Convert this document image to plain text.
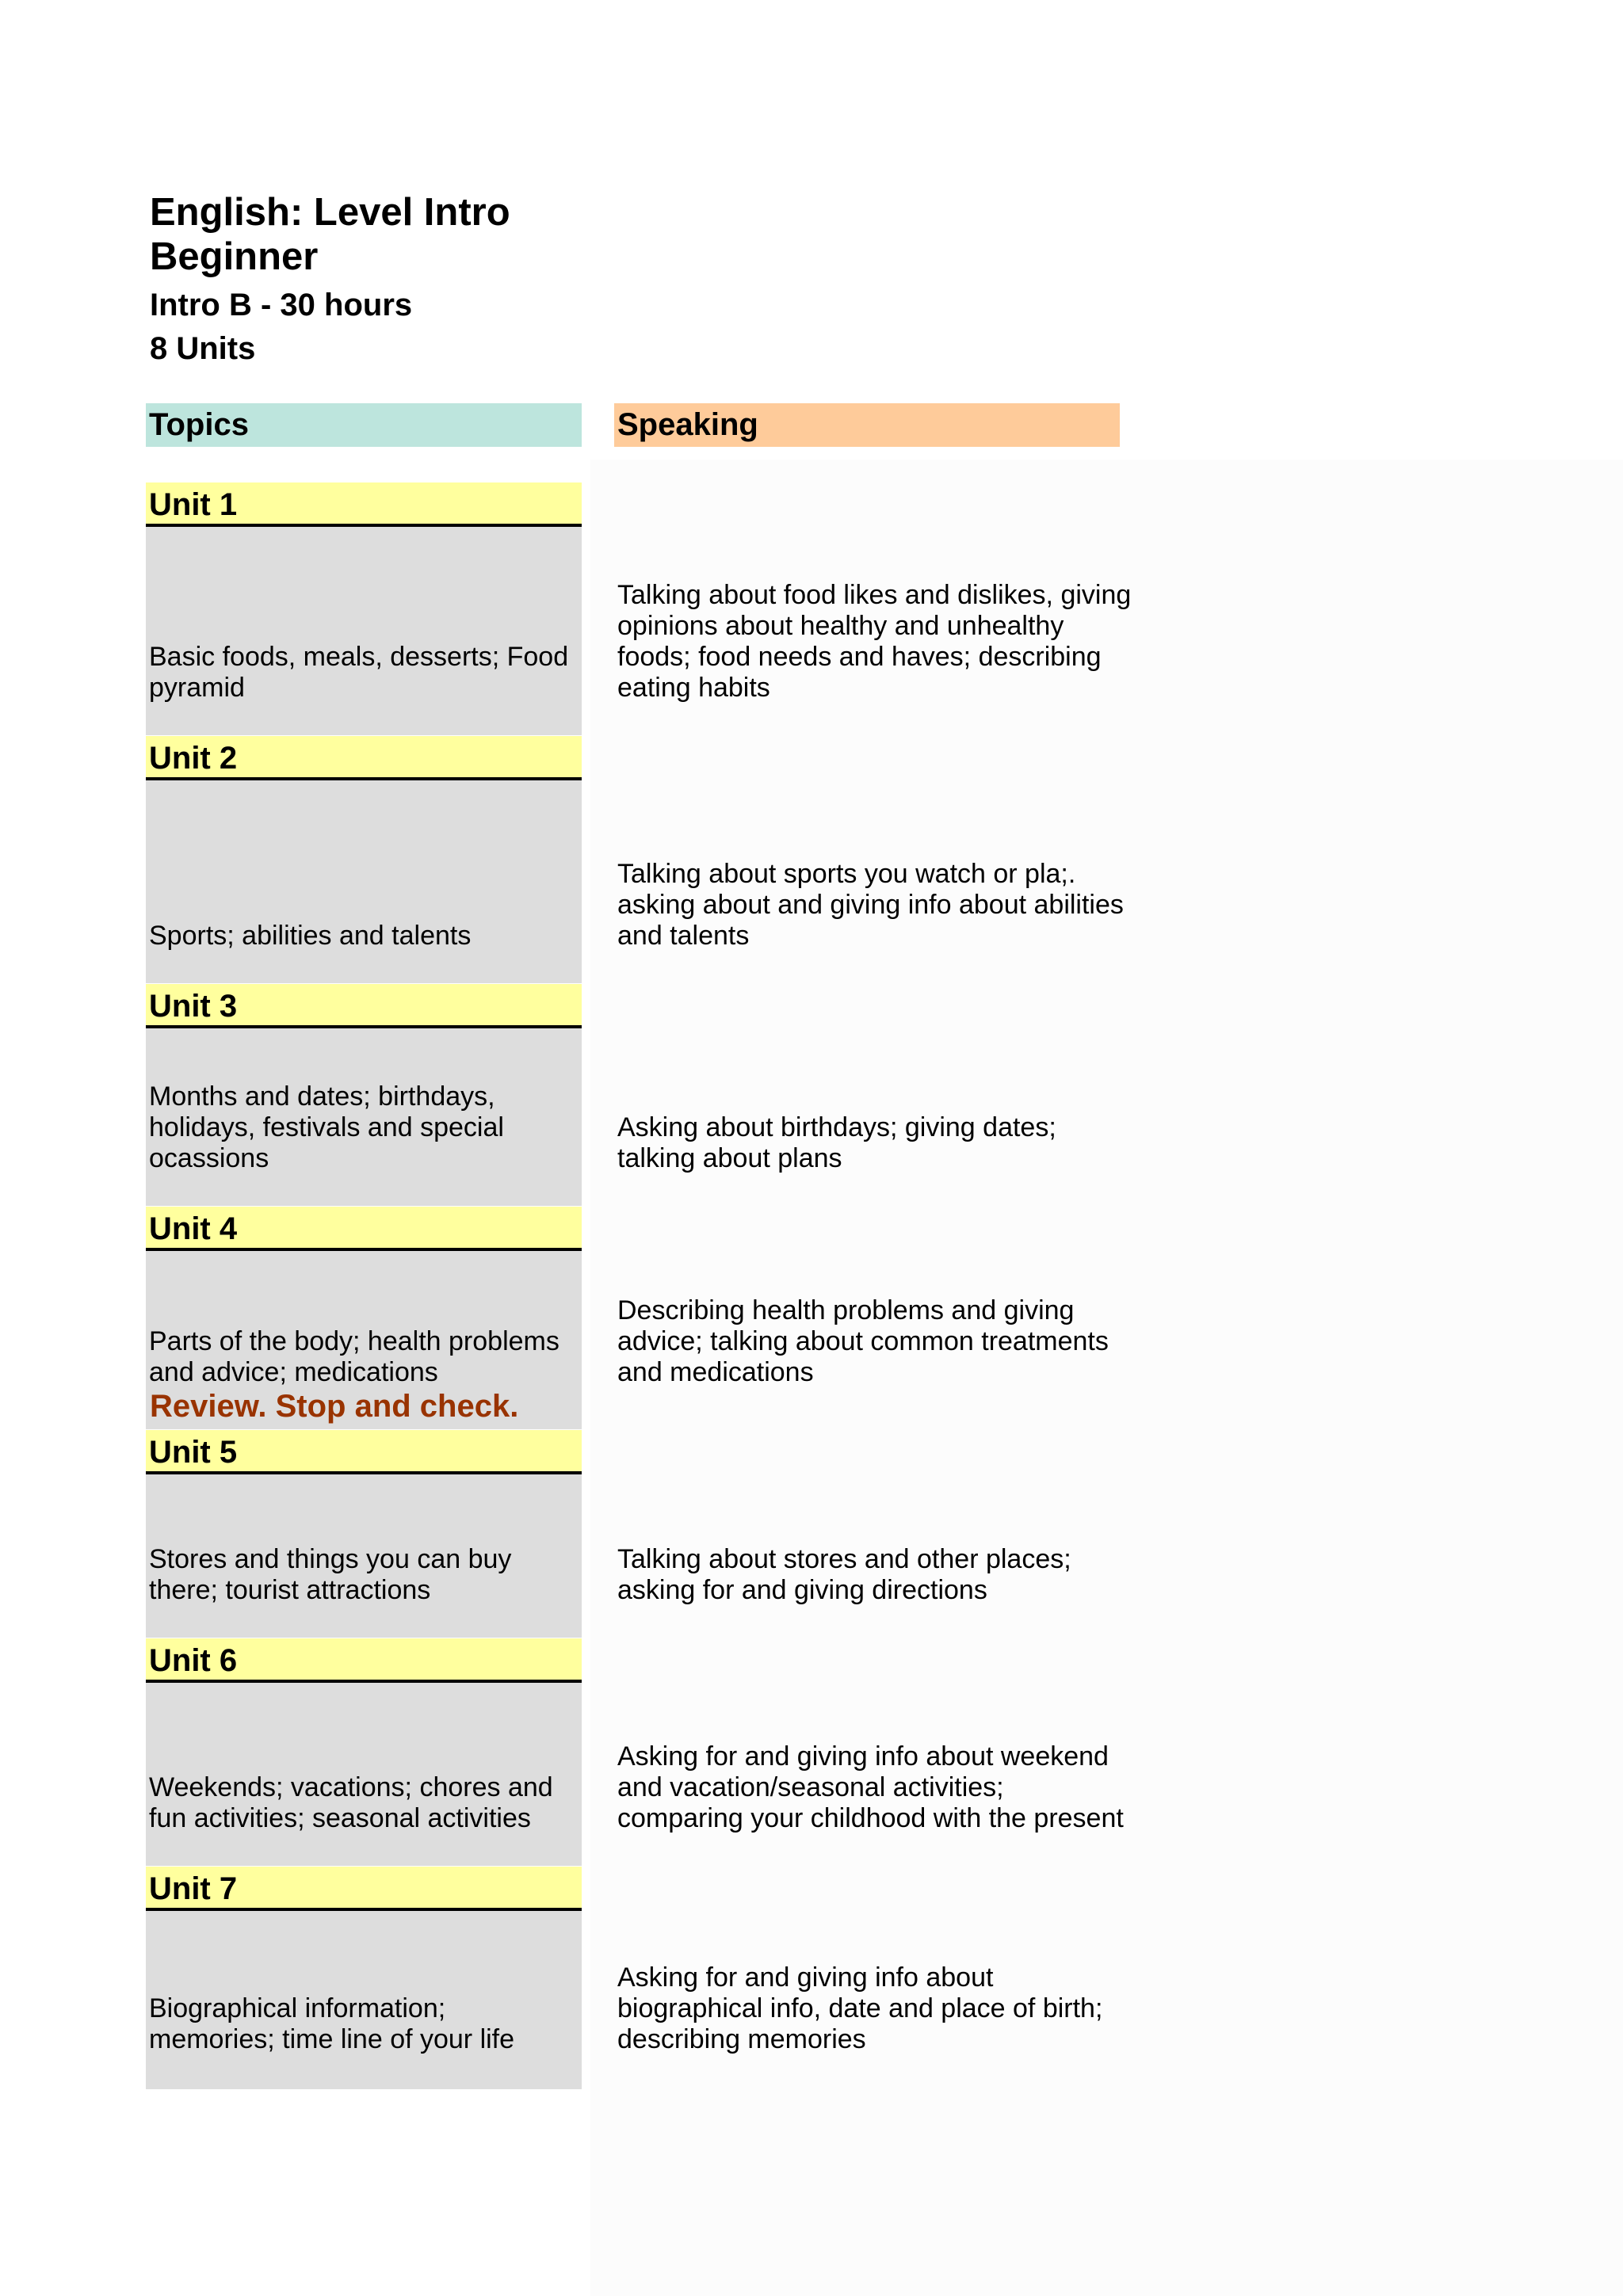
English: Level Intro Beginner
Intro B - 30 hours
8 Units
Topics	Speaking
Unit 1
Basic foods, meals, desserts; Food pyramid
Talking about food likes and dislikes, giving opinions about healthy and unhealthy foods; food needs and haves; describing eating habits
Unit 2
Sports; abilities and talents
Talking about sports you watch or pla;. asking about and giving info about abilities and talents
Unit 3
Months and dates; birthdays, holidays, festivals and special ocassions
Asking about birthdays; giving dates; talking about plans
Unit 4
Parts of the body; health problems and advice; medications
Describing health problems and giving advice; talking about common treatments and medications
Review. Stop and check.
Unit 5
Stores and things you can buy there; tourist attractions
Talking about stores and other places; asking for and giving directions
Unit 6
Weekends; vacations; chores and fun activities; seasonal activities
Asking for and giving info about weekend and vacation/seasonal activities; comparing your childhood with the present
Unit 7
Biographical information; memories; time line of your life
Asking for and giving info about biographical info, date and place of birth; describing memories
